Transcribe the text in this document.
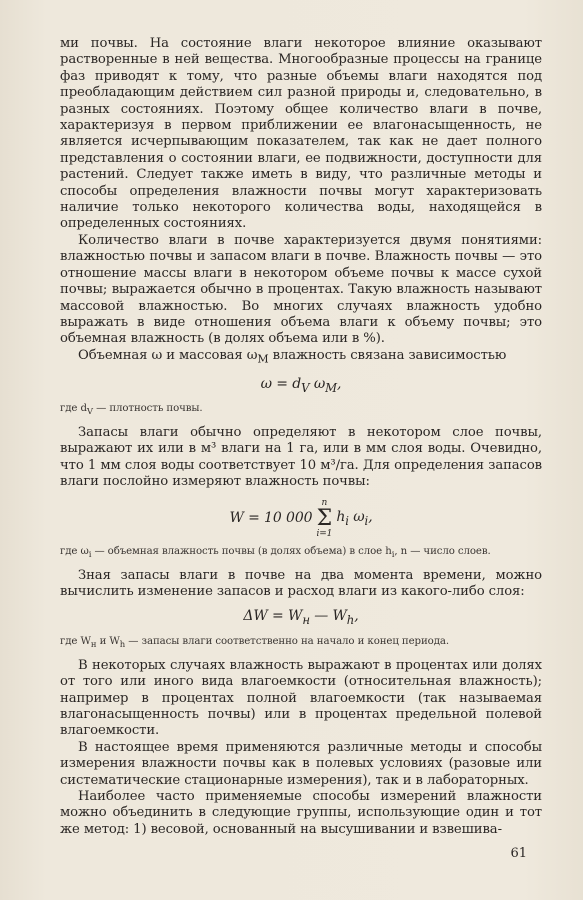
ми почвы. На состояние влаги некоторое влияние оказывают растворенные в ней вещества. Многообразные процессы на границе фаз приводят к тому, что разные объемы влаги находятся под преобладающим действием сил разной природы и, следовательно, в разных состояниях. Поэтому общее количество влаги в почве, характеризуя в первом приближении ее влагонасыщенность, не является исчерпывающим показателем, так как не дает полного представления о состоянии влаги, ее подвижности, доступности для растений. Следует также иметь в виду, что различные методы и способы определения влажности почвы могут характеризовать наличие только некоторого количества воды, находящейся в определенных состояниях.

Количество влаги в почве характеризуется двумя понятиями: влажностью почвы и запасом влаги в почве. Влажность почвы — это отношение массы влаги в некотором объеме почвы к массе сухой почвы; выражается обычно в процентах. Такую влажность называют массовой влажностью. Во многих случаях влажность удобно выражать в виде отношения объема влаги к объему почвы; это объемная влажность (в долях объема или в %).

Объемная ω и массовая $\omega_M$ влажность связана зависимостью

$\omega = d_V$ $\omega_M$,
где $d_V$ — плотность почвы.

Запасы влаги обычно определяют в некотором слое почвы, выражают их или в м³ влаги на 1 га, или в мм слоя воды. Очевидно, что 1 мм слоя воды соответствует 10 м³/га. Для определения запасов влаги послойно измеряют влажность почвы:

W = 10 000
n
Σ
i=1
$h_i$ $\omega_i$,
где $\omega_i$ — объемная влажность почвы (в долях объема) в слое $h_i$, n — число слоев.

Зная запасы влаги в почве на два момента времени, можно вычислить изменение запасов и расход влаги из какого-либо слоя:

$\Delta W = W_н$ — $W_h$,
где $W_н$ и $W_h$ — запасы влаги соответственно на начало и конец периода.

В некоторых случаях влажность выражают в процентах или долях от того или иного вида влагоемкости (относительная влажность); например в процентах полной влагоемкости (так называемая влагонасыщенность почвы) или в процентах предельной полевой влагоемкости.

В настоящее время применяются различные методы и способы измерения влажности почвы как в полевых условиях (разовые или систематические стационарные измерения), так и в лабораторных.

Наиболее часто применяемые способы измерений влажности можно объединить в следующие группы, использующие один и тот же метод: 1) весовой, основанный на высушивании и взвешива-

61
